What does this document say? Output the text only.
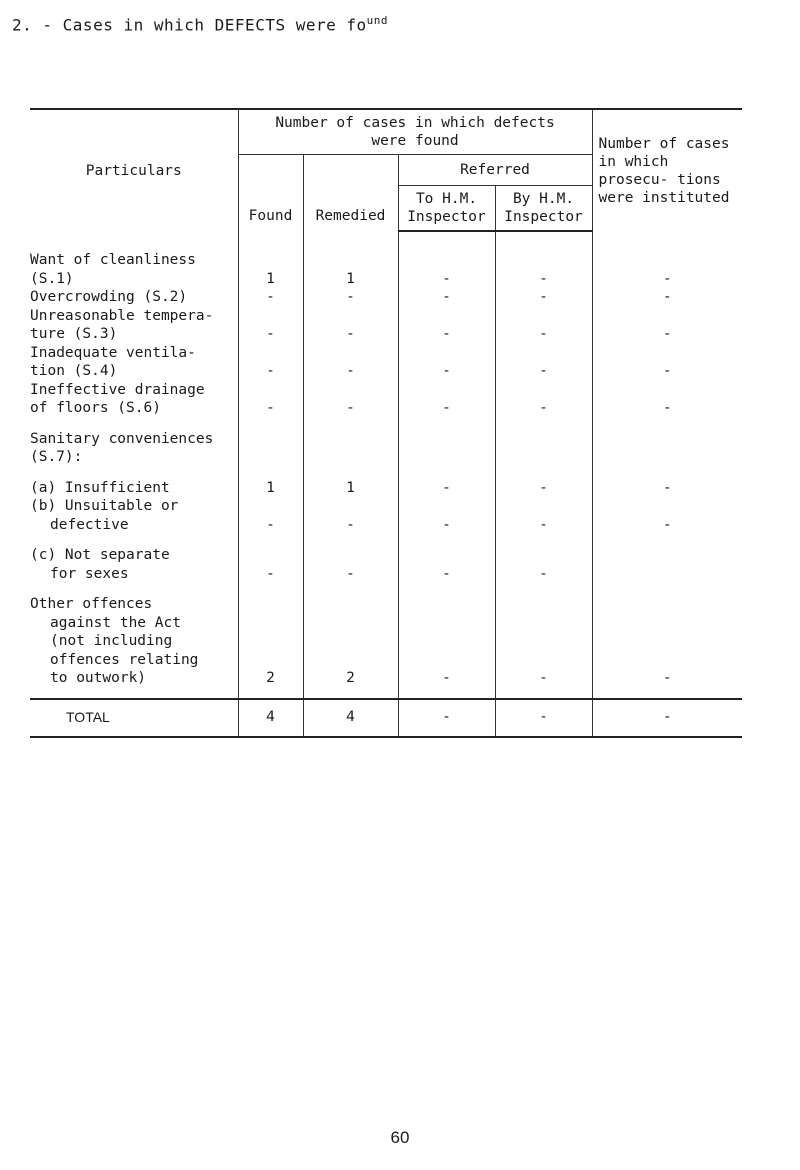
2. - Cases in which DEFECTS were $fo^{und}$
Particulars	Number of cases in which defects were found				Number of cases in which prosecu- tions were instituted
	Found	Remedied	Referred		
			To H.M. Inspector	By H.M. Inspector	

Want of cleanliness
(S.1)	1	1	-	-	-

Overcrowding (S.2)	-	-	-	-	-

Unreasonable tempera-
ture (S.3)	-	-	-	-	-

Inadequate ventila-
tion (S.4)	-	-	-	-	-

Ineffective drainage
of floors (S.6)	-	-	-	-	-

Sanitary conveniences
(S.7):					

(a) Insufficient	1	1	-	-	-

(b) Unsuitable or
defective	-	-	-	-	-

(c) Not separate
for sexes	-	-	-	-	

Other offences
against the Act
(not including
offences relating
to outwork)	2	2	-	-	-
TOTAL	4	4	-	-	-
60
